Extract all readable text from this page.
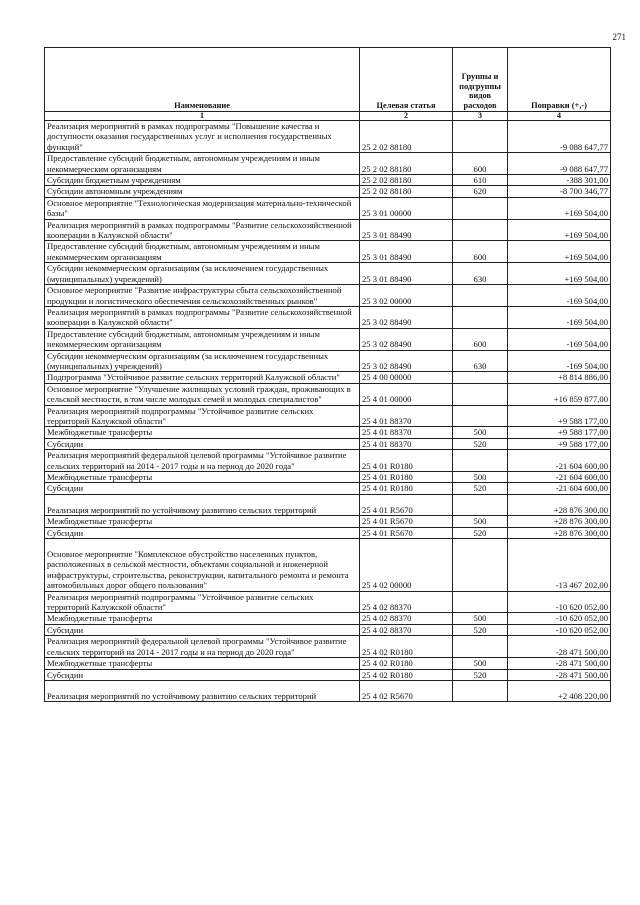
271
Наименование	Целевая статья	Группы и подгруппы видов расходов	Поправки (+,-)
1	2	3	4
Реализация мероприятий в рамках подпрограммы "Повышение качества и доступности оказания государственных услуг и исполнения государственных функций"	25 2 02 88180		-9 088 647,77
Предоставление субсидий бюджетным, автономным учреждениям и иным некоммерческим организациям	25 2 02 88180	600	-9 088 647,77
Субсидии бюджетным учреждениям	25 2 02 88180	610	-388 301,00
Субсидии автономным учреждениям	25 2 02 88180	620	-8 700 346,77
Основное мероприятие "Технологическая модернизация материально-технической базы"	25 3 01 00000		+169 504,00
Реализация мероприятий в рамках подпрограммы "Развитие сельскохозяйственной кооперации в Калужской области"	25 3 01 88490		+169 504,00
Предоставление субсидий бюджетным, автономным учреждениям и иным некоммерческим организациям	25 3 01 88490	600	+169 504,00
Субсидии некоммерческим организациям (за исключением государственных (муниципальных) учреждений)	25 3 01 88490	630	+169 504,00
Основное мероприятие "Развитие инфраструктуры сбыта сельскохозяйственной продукции и логистического обеспечения сельскохозяйственных рынков"	25 3 02 00000		-169 504,00
Реализация мероприятий в рамках подпрограммы "Развитие сельскохозяйственной кооперации в Калужской области"	25 3 02 88490		-169 504,00
Предоставление субсидий бюджетным, автономным учреждениям и иным некоммерческим организациям	25 3 02 88490	600	-169 504,00
Субсидии некоммерческим организациям (за исключением государственных (муниципальных) учреждений)	25 3 02 88490	630	-169 504,00
Подпрограмма "Устойчивое развитие сельских территорий Калужской области"	25 4 00 00000		+8 814 886,00
Основное мероприятие "Улучшение жилищных условий граждан, проживающих в сельской местности, в том числе молодых семей и молодых специалистов"	25 4 01 00000		+16 859 877,00
Реализация мероприятий подпрограммы "Устойчивое развитие сельских территорий Калужской области"	25 4 01 88370		+9 588 177,00
Межбюджетные трансферты	25 4 01 88370	500	+9 588 177,00
Субсидии	25 4 01 88370	520	+9 588 177,00
Реализация мероприятий федеральной целевой программы "Устойчивое развитие сельских территорий на 2014 - 2017 годы и на период до 2020 года"	25 4 01 R0180		-21 604 600,00
Межбюджетные трансферты	25 4 01 R0180	500	-21 604 600,00
Субсидии	25 4 01 R0180	520	-21 604 600,00
Реализация мероприятий по устойчивому развитию сельских территорий	25 4 01 R5670		+28 876 300,00
Межбюджетные трансферты	25 4 01 R5670	500	+28 876 300,00
Субсидии	25 4 01 R5670	520	+28 876 300,00
Основное мероприятие "Комплексное обустройство населенных пунктов, расположенных в сельской местности, объектами социальной и инженерной инфраструктуры, строительства, реконструкции, капитального ремонта и ремонта автомобильных дорог общего пользования"	25 4 02 00000		-13 467 202,00
Реализация мероприятий подпрограммы "Устойчивое развитие сельских территорий Калужской области"	25 4 02 88370		-10 620 052,00
Межбюджетные трансферты	25 4 02 88370	500	-10 620 052,00
Субсидии	25 4 02 88370	520	-10 620 052,00
Реализация мероприятий федеральной целевой программы "Устойчивое развитие сельских территорий на 2014 - 2017 годы и на период до 2020 года"	25 4 02 R0180		-28 471 500,00
Межбюджетные трансферты	25 4 02 R0180	500	-28 471 500,00
Субсидии	25 4 02 R0180	520	-28 471 500,00
Реализация мероприятий по устойчивому развитию сельских территорий	25 4 02 R5670		+2 408 220,00
